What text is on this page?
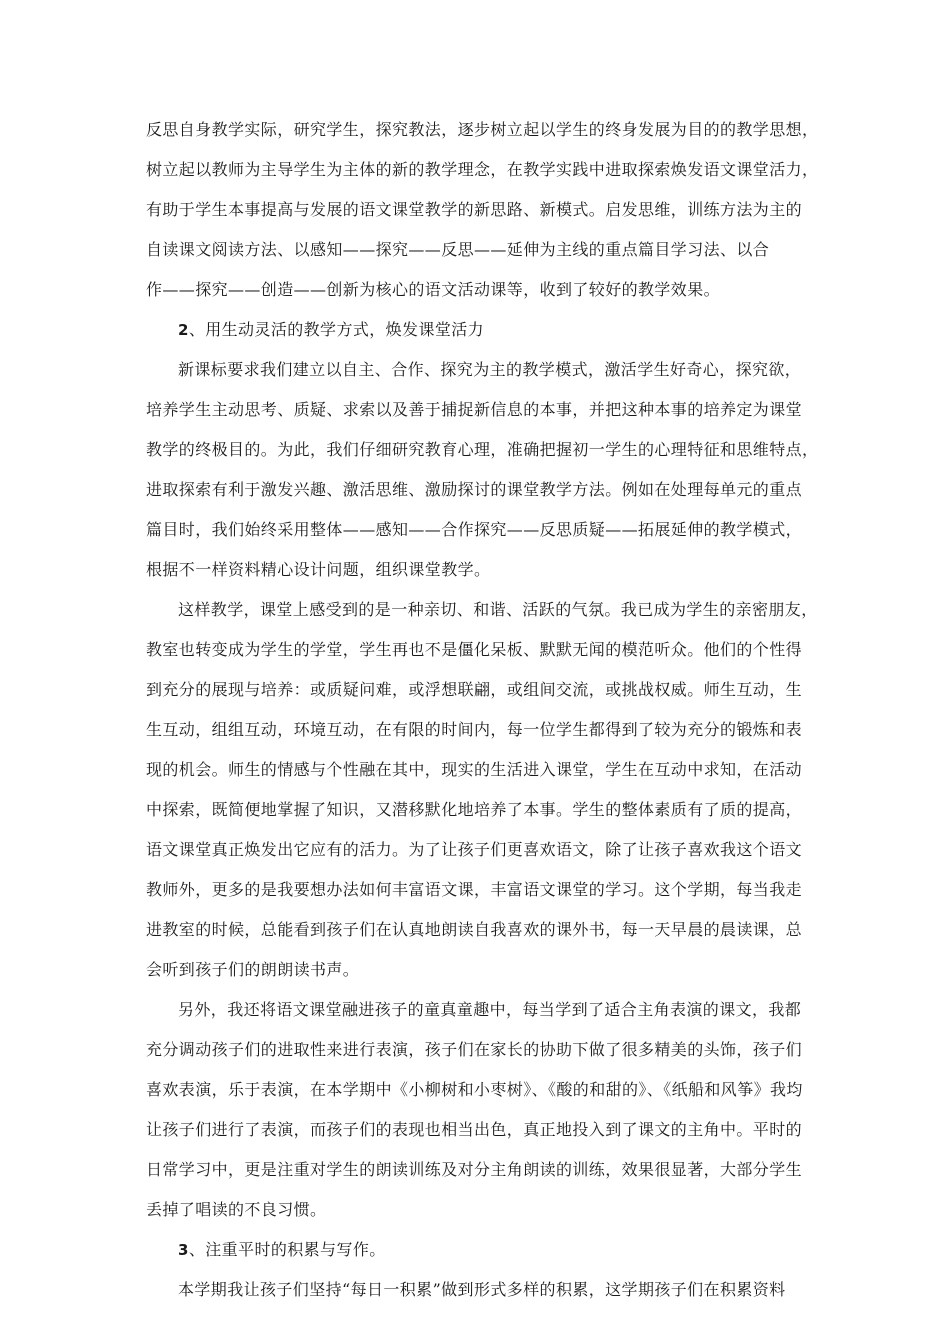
反思自身教学实际，研究学生，探究教法，逐步树立起以学生的终身发展为目的的教学思想，
树立起以教师为主导学生为主体的新的教学理念，在教学实践中进取探索焕发语文课堂活力，
有助于学生本事提高与发展的语文课堂教学的新思路、新模式。启发思维，训练方法为主的
自读课文阅读方法、以感知——探究——反思——延伸为主线的重点篇目学习法、以合
作——探究——创造——创新为核心的语文活动课等，收到了较好的教学效果。
2、用生动灵活的教学方式，焕发课堂活力
新课标要求我们建立以自主、合作、探究为主的教学模式，激活学生好奇心，探究欲，
培养学生主动思考、质疑、求索以及善于捕捉新信息的本事，并把这种本事的培养定为课堂
教学的终极目的。为此，我们仔细研究教育心理，准确把握初一学生的心理特征和思维特点，
进取探索有利于激发兴趣、激活思维、激励探讨的课堂教学方法。例如在处理每单元的重点
篇目时，我们始终采用整体——感知——合作探究——反思质疑——拓展延伸的教学模式，
根据不一样资料精心设计问题，组织课堂教学。
这样教学，课堂上感受到的是一种亲切、和谐、活跃的气氛。我已成为学生的亲密朋友，
教室也转变成为学生的学堂，学生再也不是僵化呆板、默默无闻的模范听众。他们的个性得
到充分的展现与培养：或质疑问难，或浮想联翩，或组间交流，或挑战权威。师生互动，生
生互动，组组互动，环境互动，在有限的时间内，每一位学生都得到了较为充分的锻炼和表
现的机会。师生的情感与个性融在其中，现实的生活进入课堂，学生在互动中求知，在活动
中探索，既简便地掌握了知识，又潜移默化地培养了本事。学生的整体素质有了质的提高，
语文课堂真正焕发出它应有的活力。为了让孩子们更喜欢语文，除了让孩子喜欢我这个语文
教师外，更多的是我要想办法如何丰富语文课，丰富语文课堂的学习。这个学期，每当我走
进教室的时候，总能看到孩子们在认真地朗读自我喜欢的课外书，每一天早晨的晨读课，总
会听到孩子们的朗朗读书声。
另外，我还将语文课堂融进孩子的童真童趣中，每当学到了适合主角表演的课文，我都
充分调动孩子们的进取性来进行表演，孩子们在家长的协助下做了很多精美的头饰，孩子们
喜欢表演，乐于表演，在本学期中《小柳树和小枣树》、《酸的和甜的》、《纸船和风筝》我均
让孩子们进行了表演，而孩子们的表现也相当出色，真正地投入到了课文的主角中。平时的
日常学习中，更是注重对学生的朗读训练及对分主角朗读的训练，效果很显著，大部分学生
丢掉了唱读的不良习惯。
3、注重平时的积累与写作。
本学期我让孩子们坚持“每日一积累”做到形式多样的积累，这学期孩子们在积累资料
